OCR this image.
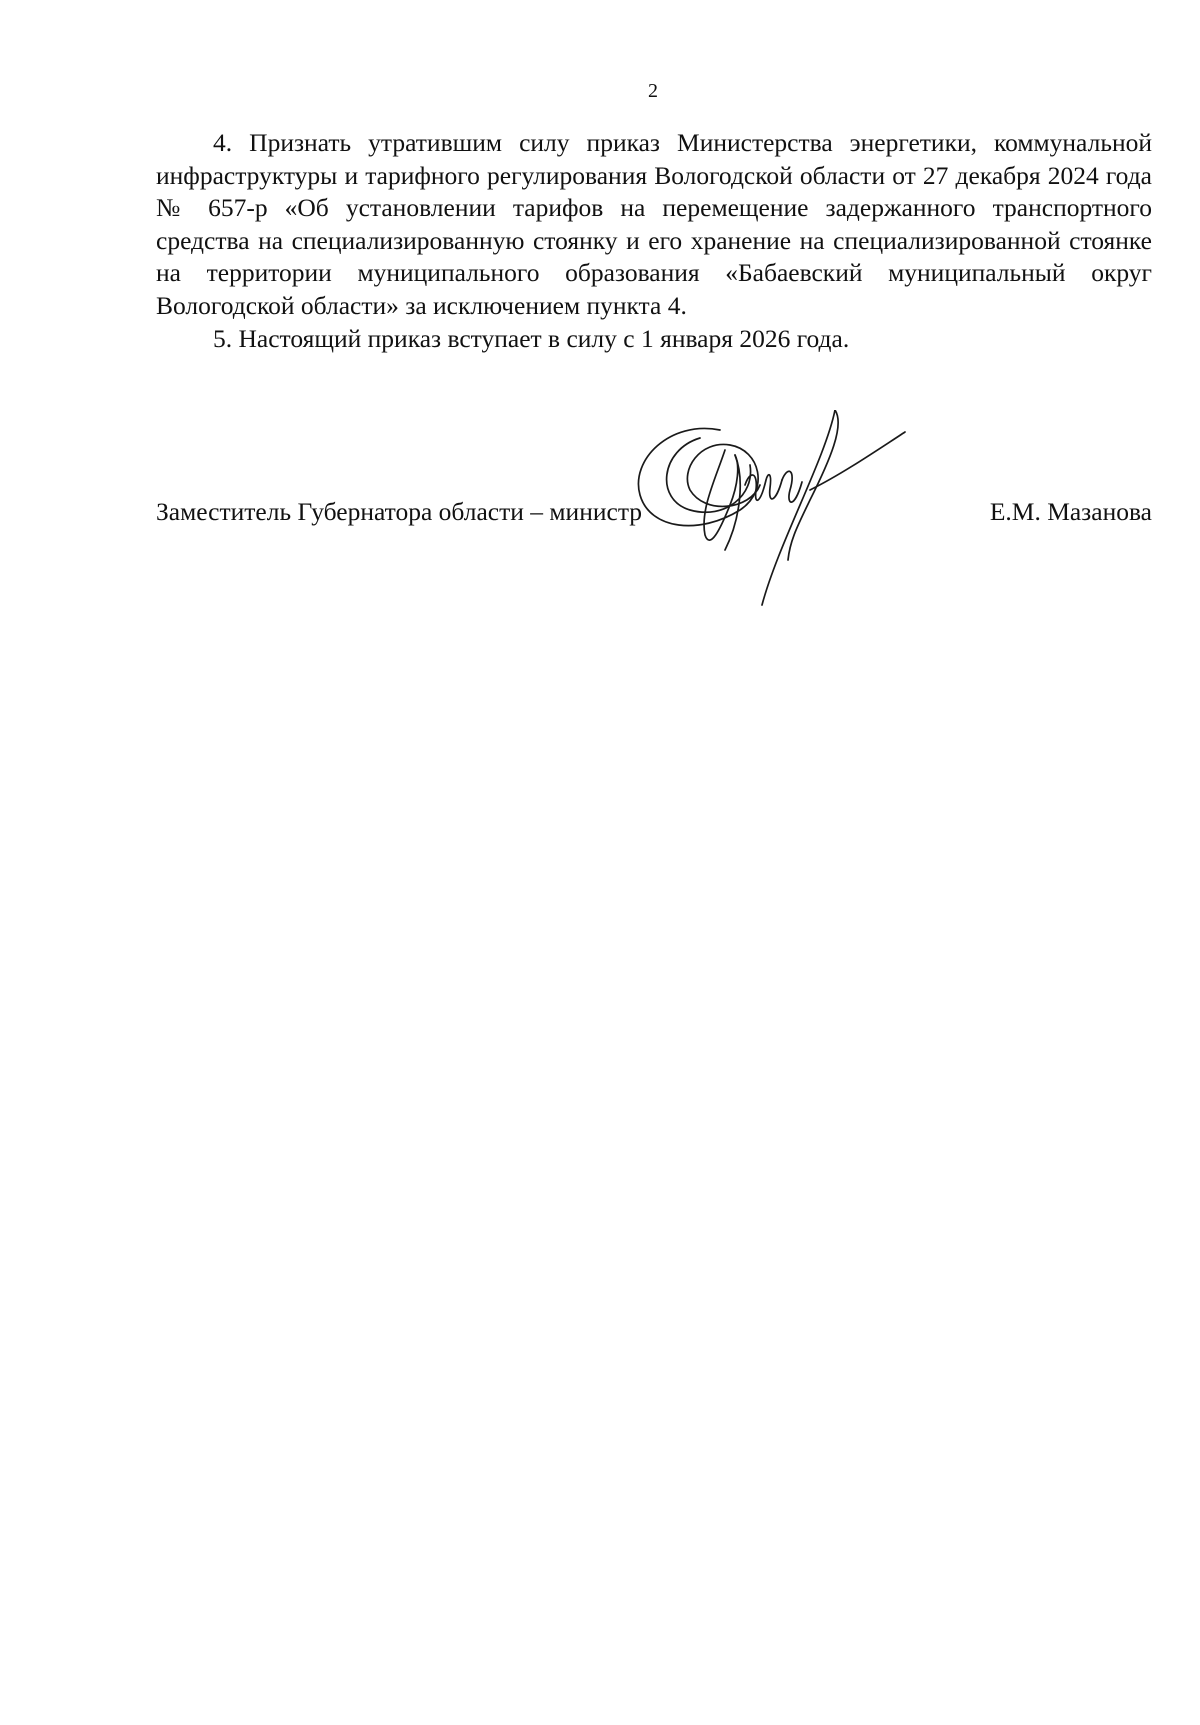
2

4. Признать утратившим силу приказ Министерства энергетики, коммунальной инфраструктуры и тарифного регулирования Вологодской области от 27 декабря 2024 года № 657-р «Об установлении тарифов на перемещение задержанного транспортного средства на специализированную стоянку и его хранение на специализированной стоянке на территории муниципального образования «Бабаевский муниципальный округ Вологодской области» за исключением пункта 4.

5. Настоящий приказ вступает в силу с 1 января 2026 года.

Заместитель Губернатора области – министр	Е.М. Мазанова
